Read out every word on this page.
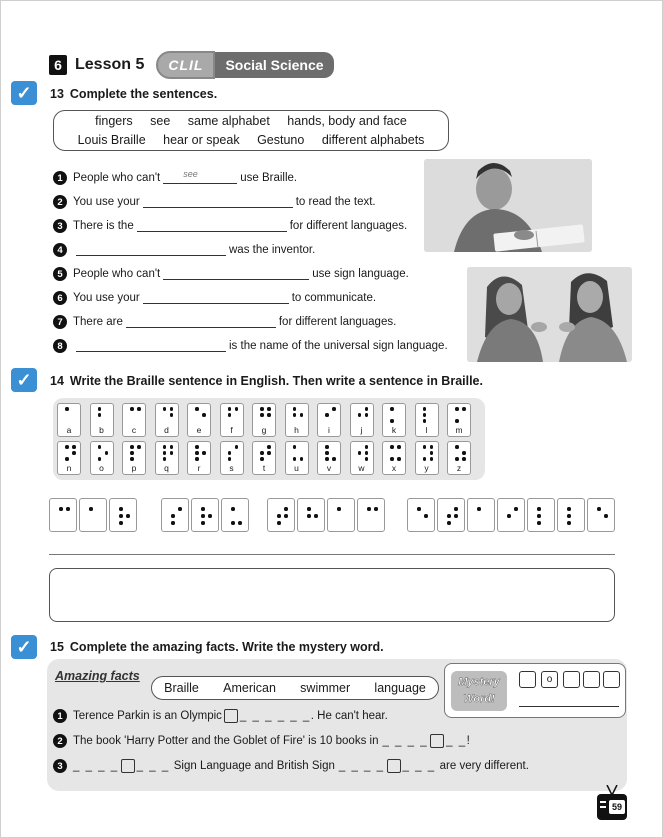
6 Lesson 5	CLIL	Social Science
✓	13 Complete the sentences.
fingers see same alphabet hands, body and face
Louis Braille hear or speak Gestuno different alphabets
1 People who can't	see	use Braille.
2 You use your	to read the text.
3 There is the	for different languages.
4	was the inventor.
5 People who can't	use sign language.
6 You use your	to communicate.
7 There are	for different languages.
8	is the name of the universal sign language.
✓	14 Write the Braille sentence in English. Then write a sentence in Braille.
a	b	c	d	e	f	g	h	i	j	k	l	m
n	o	p	q	r	s	t	u	v	w	x	y	z
✓	15 Complete the amazing facts. Write the mystery word.
Amazing facts
Braille American swimmer language	Mystery
Word!
o
1 Terence Parkin is an Olympic _ _ _ _ _ _ . He can't hear.
2 The book 'Harry Potter and the Goblet of Fire' is 10 books in _ _ _ _ _ _ !
3 _ _ _ _ _ _ _ Sign Language and British Sign _ _ _ _ _ _ _ are very different.
59
